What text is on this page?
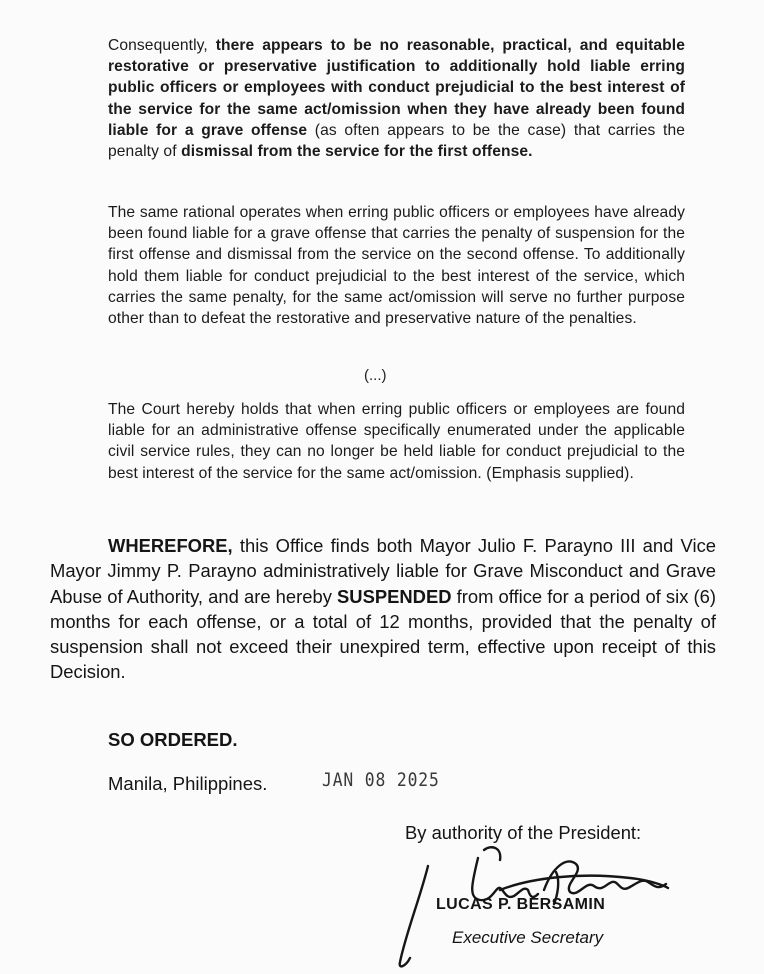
Consequently, there appears to be no reasonable, practical, and equitable restorative or preservative justification to additionally hold liable erring public officers or employees with conduct prejudicial to the best interest of the service for the same act/omission when they have already been found liable for a grave offense (as often appears to be the case) that carries the penalty of dismissal from the service for the first offense.

The same rational operates when erring public officers or employees have already been found liable for a grave offense that carries the penalty of suspension for the first offense and dismissal from the service on the second offense. To additionally hold them liable for conduct prejudicial to the best interest of the service, which carries the same penalty, for the same act/omission will serve no further purpose other than to defeat the restorative and preservative nature of the penalties.

(...)

The Court hereby holds that when erring public officers or employees are found liable for an administrative offense specifically enumerated under the applicable civil service rules, they can no longer be held liable for conduct prejudicial to the best interest of the service for the same act/omission. (Emphasis supplied).

WHEREFORE, this Office finds both Mayor Julio F. Parayno III and Vice Mayor Jimmy P. Parayno administratively liable for Grave Misconduct and Grave Abuse of Authority, and are hereby SUSPENDED from office for a period of six (6) months for each offense, or a total of 12 months, provided that the penalty of suspension shall not exceed their unexpired term, effective upon receipt of this Decision.

SO ORDERED.
Manila, Philippines.	JAN 08 2025
By authority of the President:
LUCAS P. BERSAMIN
Executive Secretary
